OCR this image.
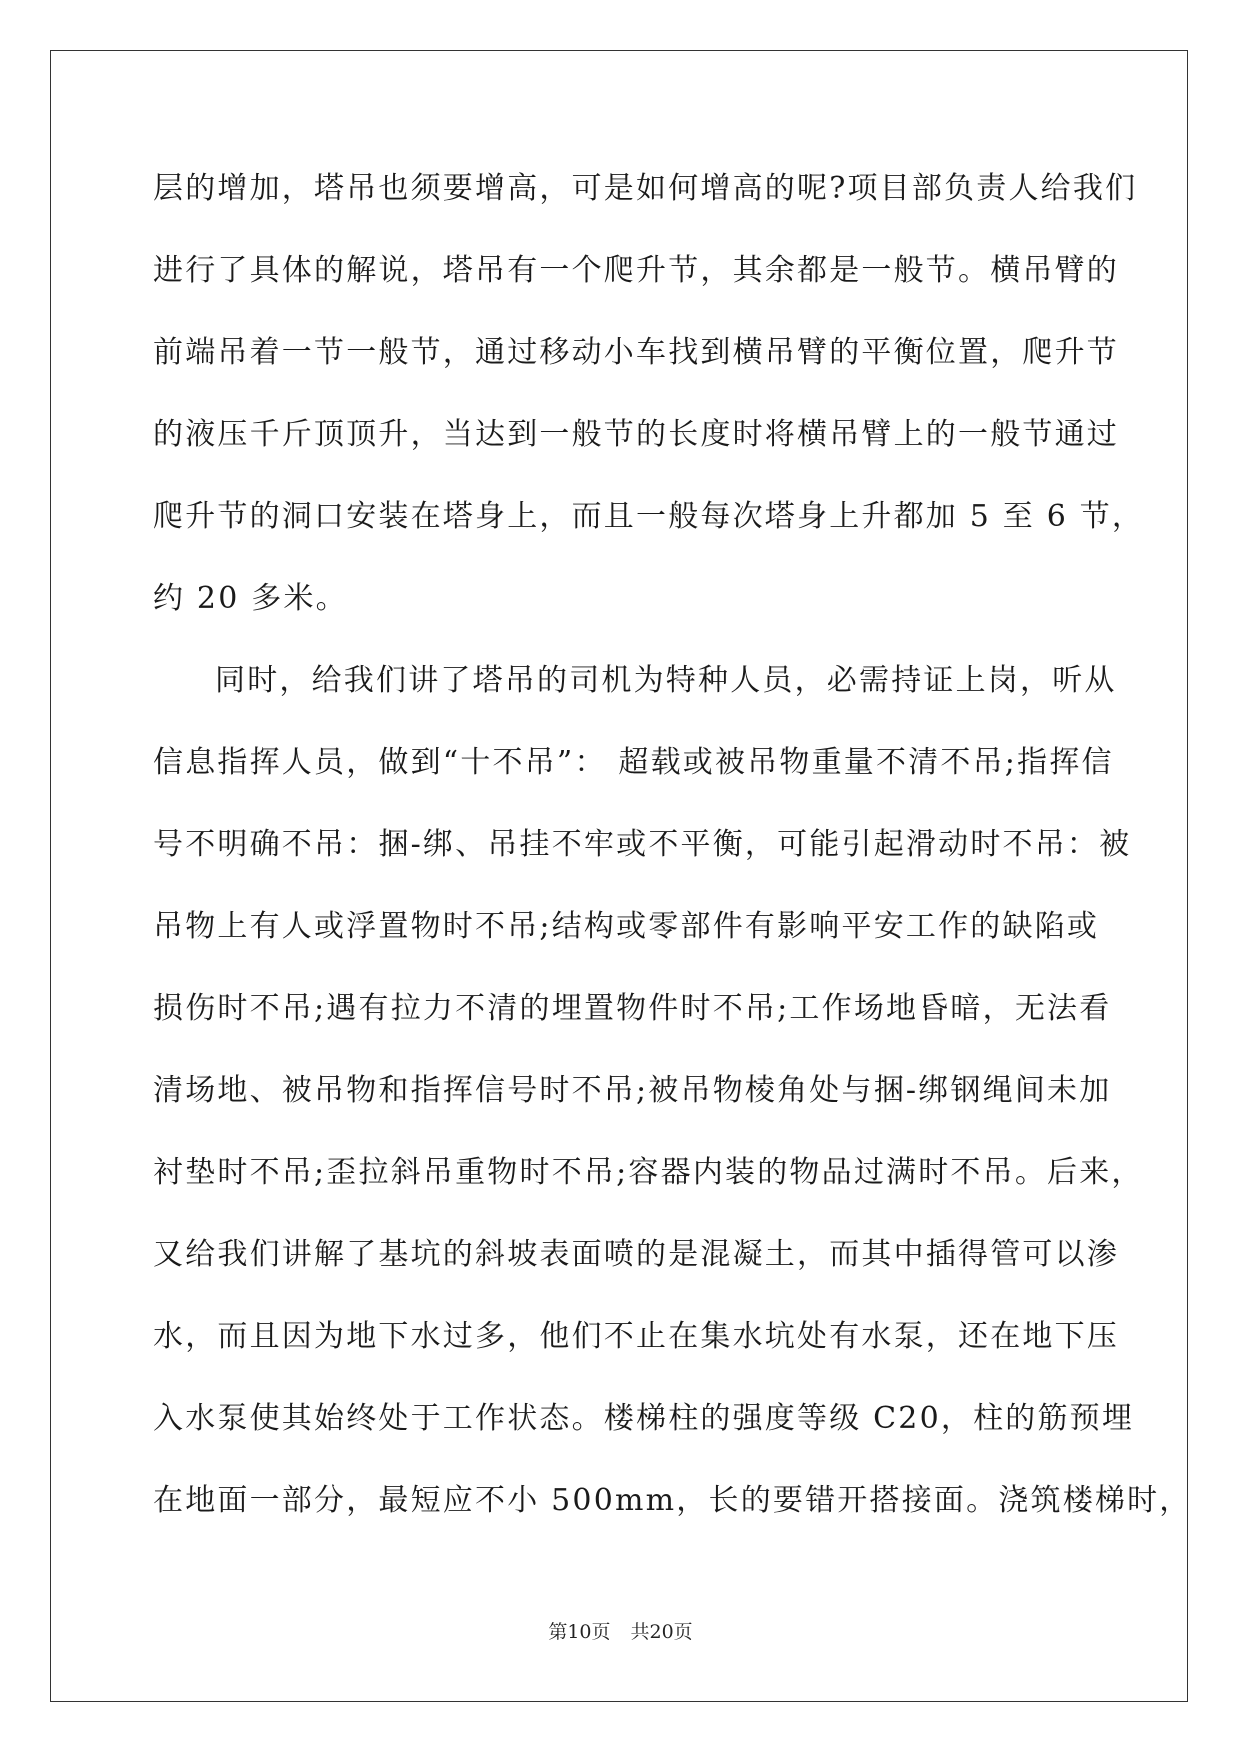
层的增加，塔吊也须要增高，可是如何增高的呢?项目部负责人给我们
进行了具体的解说，塔吊有一个爬升节，其余都是一般节。横吊臂的
前端吊着一节一般节，通过移动小车找到横吊臂的平衡位置，爬升节
的液压千斤顶顶升，当达到一般节的长度时将横吊臂上的一般节通过
爬升节的洞口安装在塔身上，而且一般每次塔身上升都加 5 至 6 节，
约 20 多米。
同时，给我们讲了塔吊的司机为特种人员，必需持证上岗，听从
信息指挥人员，做到“十不吊”： 超载或被吊物重量不清不吊;指挥信
号不明确不吊：捆-绑、吊挂不牢或不平衡，可能引起滑动时不吊：被
吊物上有人或浮置物时不吊;结构或零部件有影响平安工作的缺陷或
损伤时不吊;遇有拉力不清的埋置物件时不吊;工作场地昏暗，无法看
清场地、被吊物和指挥信号时不吊;被吊物棱角处与捆-绑钢绳间未加
衬垫时不吊;歪拉斜吊重物时不吊;容器内装的物品过满时不吊。后来，
又给我们讲解了基坑的斜坡表面喷的是混凝土，而其中插得管可以渗
水，而且因为地下水过多，他们不止在集水坑处有水泵，还在地下压
入水泵使其始终处于工作状态。楼梯柱的强度等级 C20，柱的筋预埋
在地面一部分，最短应不小 500mm，长的要错开搭接面。浇筑楼梯时，
第10页 共20页
